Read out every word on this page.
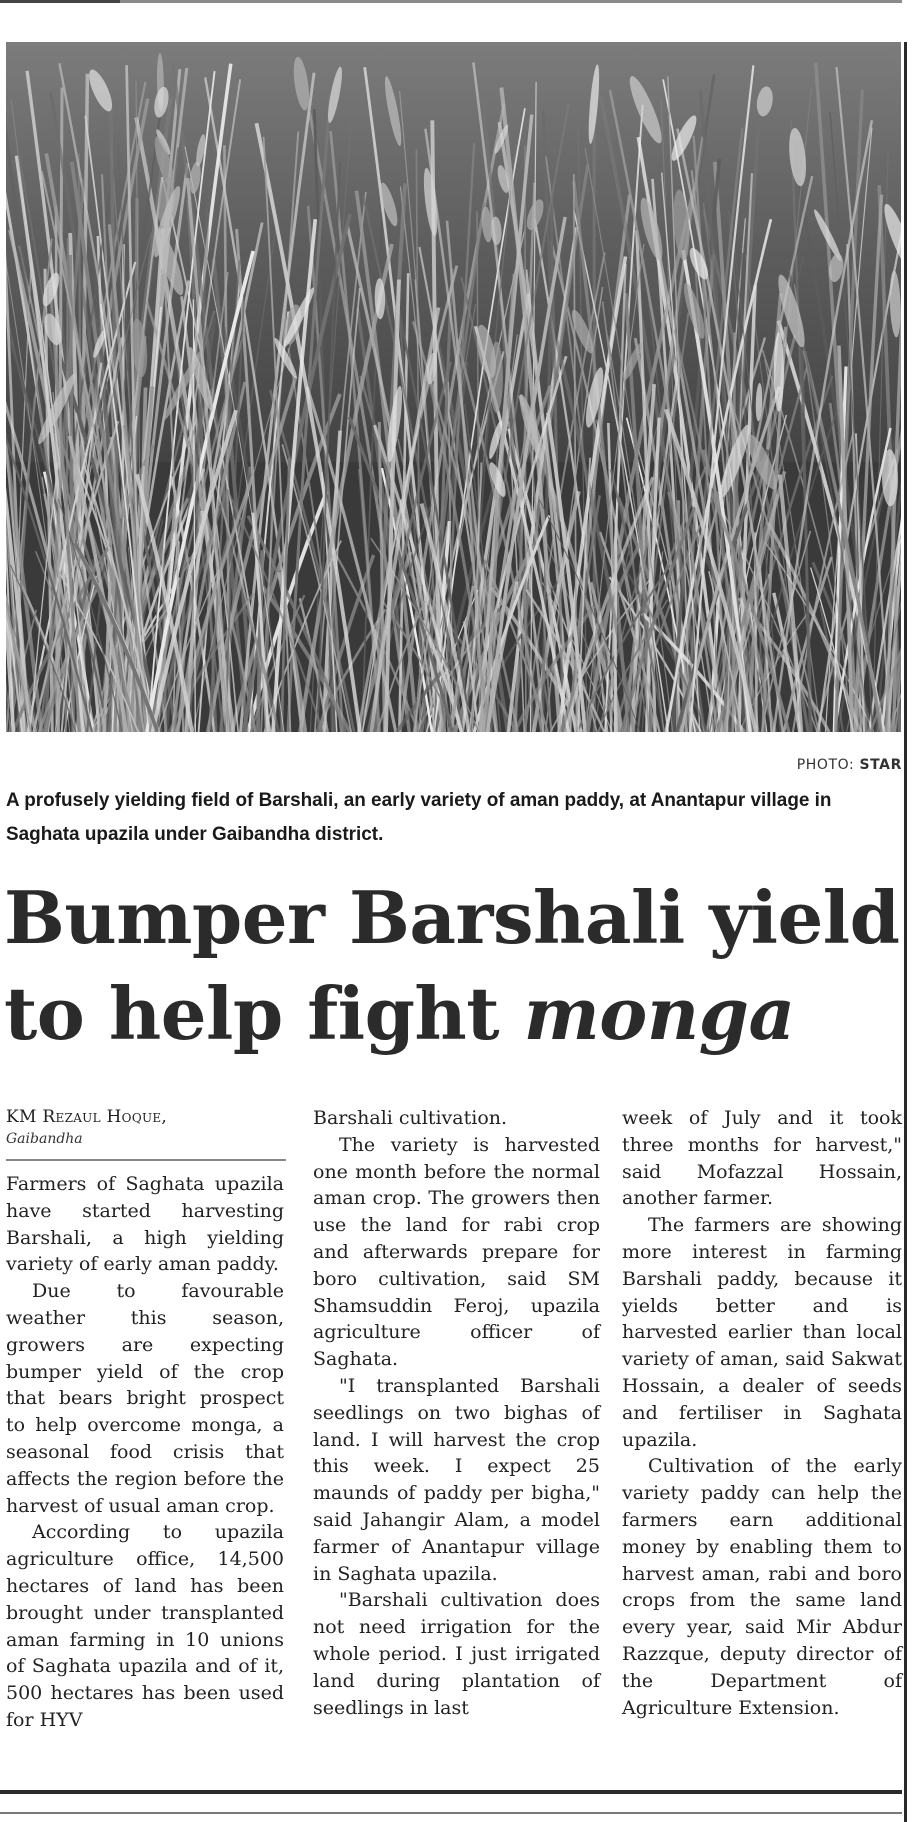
PHOTO: STAR
A profusely yielding field of Barshali, an early variety of aman paddy, at Anantapur village in Saghata upazila under Gaibandha district.
Bumper Barshali yield
to help fight monga
KM Rezaul Hoque,
Gaibandha

Farmers of Saghata upazila have started harvesting Barshali, a high yielding variety of early aman paddy.

Due to favourable weather this season, growers are expecting bumper yield of the crop that bears bright prospect to help overcome monga, a seasonal food crisis that affects the region before the harvest of usual aman crop.

According to upazila agriculture office, 14,500 hectares of land has been brought under transplanted aman farming in 10 unions of Saghata upazila and of it, 500 hectares has been used for HYV

Barshali cultivation.

The variety is harvested one month before the normal aman crop. The growers then use the land for rabi crop and afterwards prepare for boro cultivation, said SM Shamsuddin Feroj, upazila agriculture officer of Saghata.

"I transplanted Barshali seedlings on two bighas of land. I will harvest the crop this week. I expect 25 maunds of paddy per bigha," said Jahangir Alam, a model farmer of Anantapur village in Saghata upazila.

"Barshali cultivation does not need irrigation for the whole period. I just irrigated land during plantation of seedlings in last

week of July and it took three months for harvest," said Mofazzal Hossain, another farmer.

The farmers are showing more interest in farming Barshali paddy, because it yields better and is harvested earlier than local variety of aman, said Sakwat Hossain, a dealer of seeds and fertiliser in Saghata upazila.

Cultivation of the early variety paddy can help the farmers earn additional money by enabling them to harvest aman, rabi and boro crops from the same land every year, said Mir Abdur Razzque, deputy director of the Department of Agriculture Extension.
